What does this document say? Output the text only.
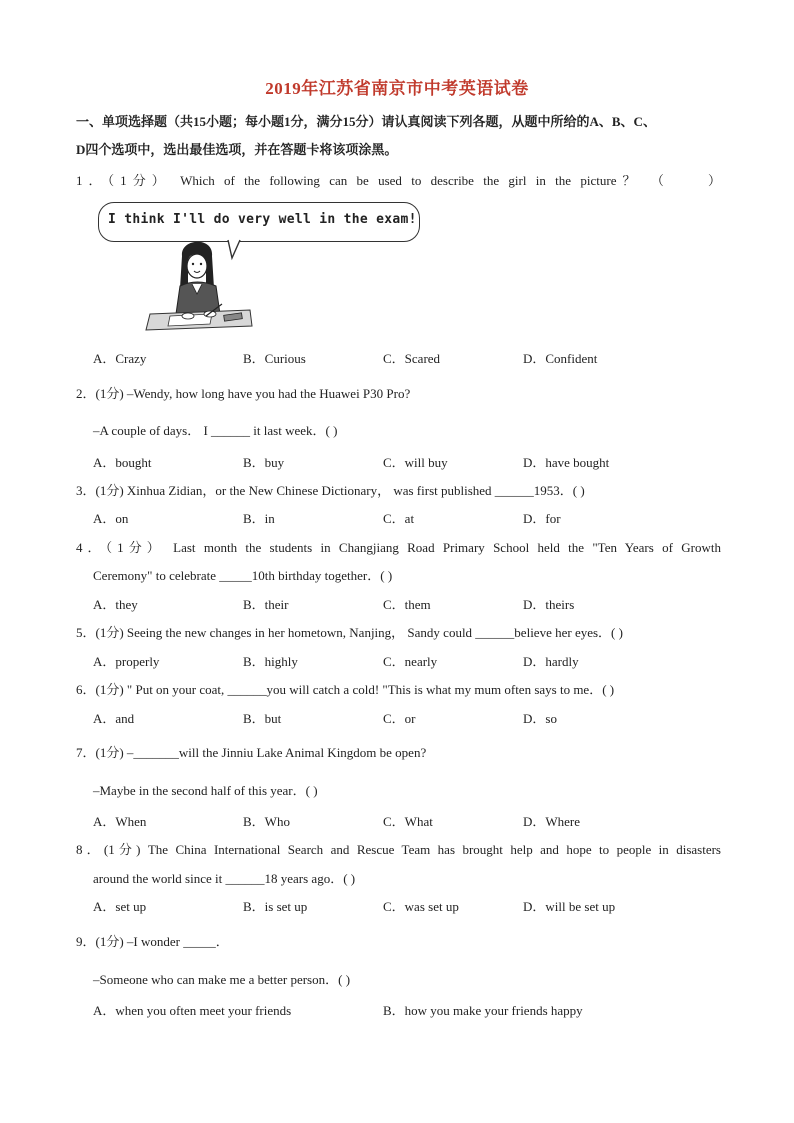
2019年江苏省南京市中考英语试卷
一、单项选择题（共15小题；每小题1分，满分15分）请认真阅读下列各题，从题中所给的A、B、C、
D四个选项中，选出最佳选项，并在答题卡将该项涂黑。
1．（1分） Which of the following can be used to describe the girl in the picture？ （　　）
I think I'll do very well in the exam!
A．Crazy	B．Curious	C．Scared	D．Confident
2．(1分) –Wendy, how long have you had the Huawei P30 Pro?
–A couple of days． I ______ it last week．( )
A．bought	B．buy	C．will buy	D．have bought
3．(1分) Xinhua Zidian，or the New Chinese Dictionary， was first published ______1953．( )
A．on	B．in	C．at	D．for
4．（1分） Last month the students in Changjiang Road Primary School held the "Ten Years of Growth
Ceremony" to celebrate _____10th birthday together．( )
A．they	B．their	C．them	D．theirs
5．(1分) Seeing the new changes in her hometown, Nanjing， Sandy could ______believe her eyes．( )
A．properly	B．highly	C．nearly	D．hardly
6．(1分) " Put on your coat, ______you will catch a cold! "This is what my mum often says to me．( )
A．and	B．but	C．or	D．so
7．(1分) –_______will the Jinniu Lake Animal Kingdom be open?
–Maybe in the second half of this year．( )
A．When	B．Who	C．What	D．Where
8．(1分) The China International Search and Rescue Team has brought help and hope to people in disasters
around the world since it ______18 years ago．( )
A．set up	B．is set up	C．was set up	D．will be set up
9．(1分) –I wonder _____．
–Someone who can make me a better person．( )
A．when you often meet your friends	B．how you make your friends happy
